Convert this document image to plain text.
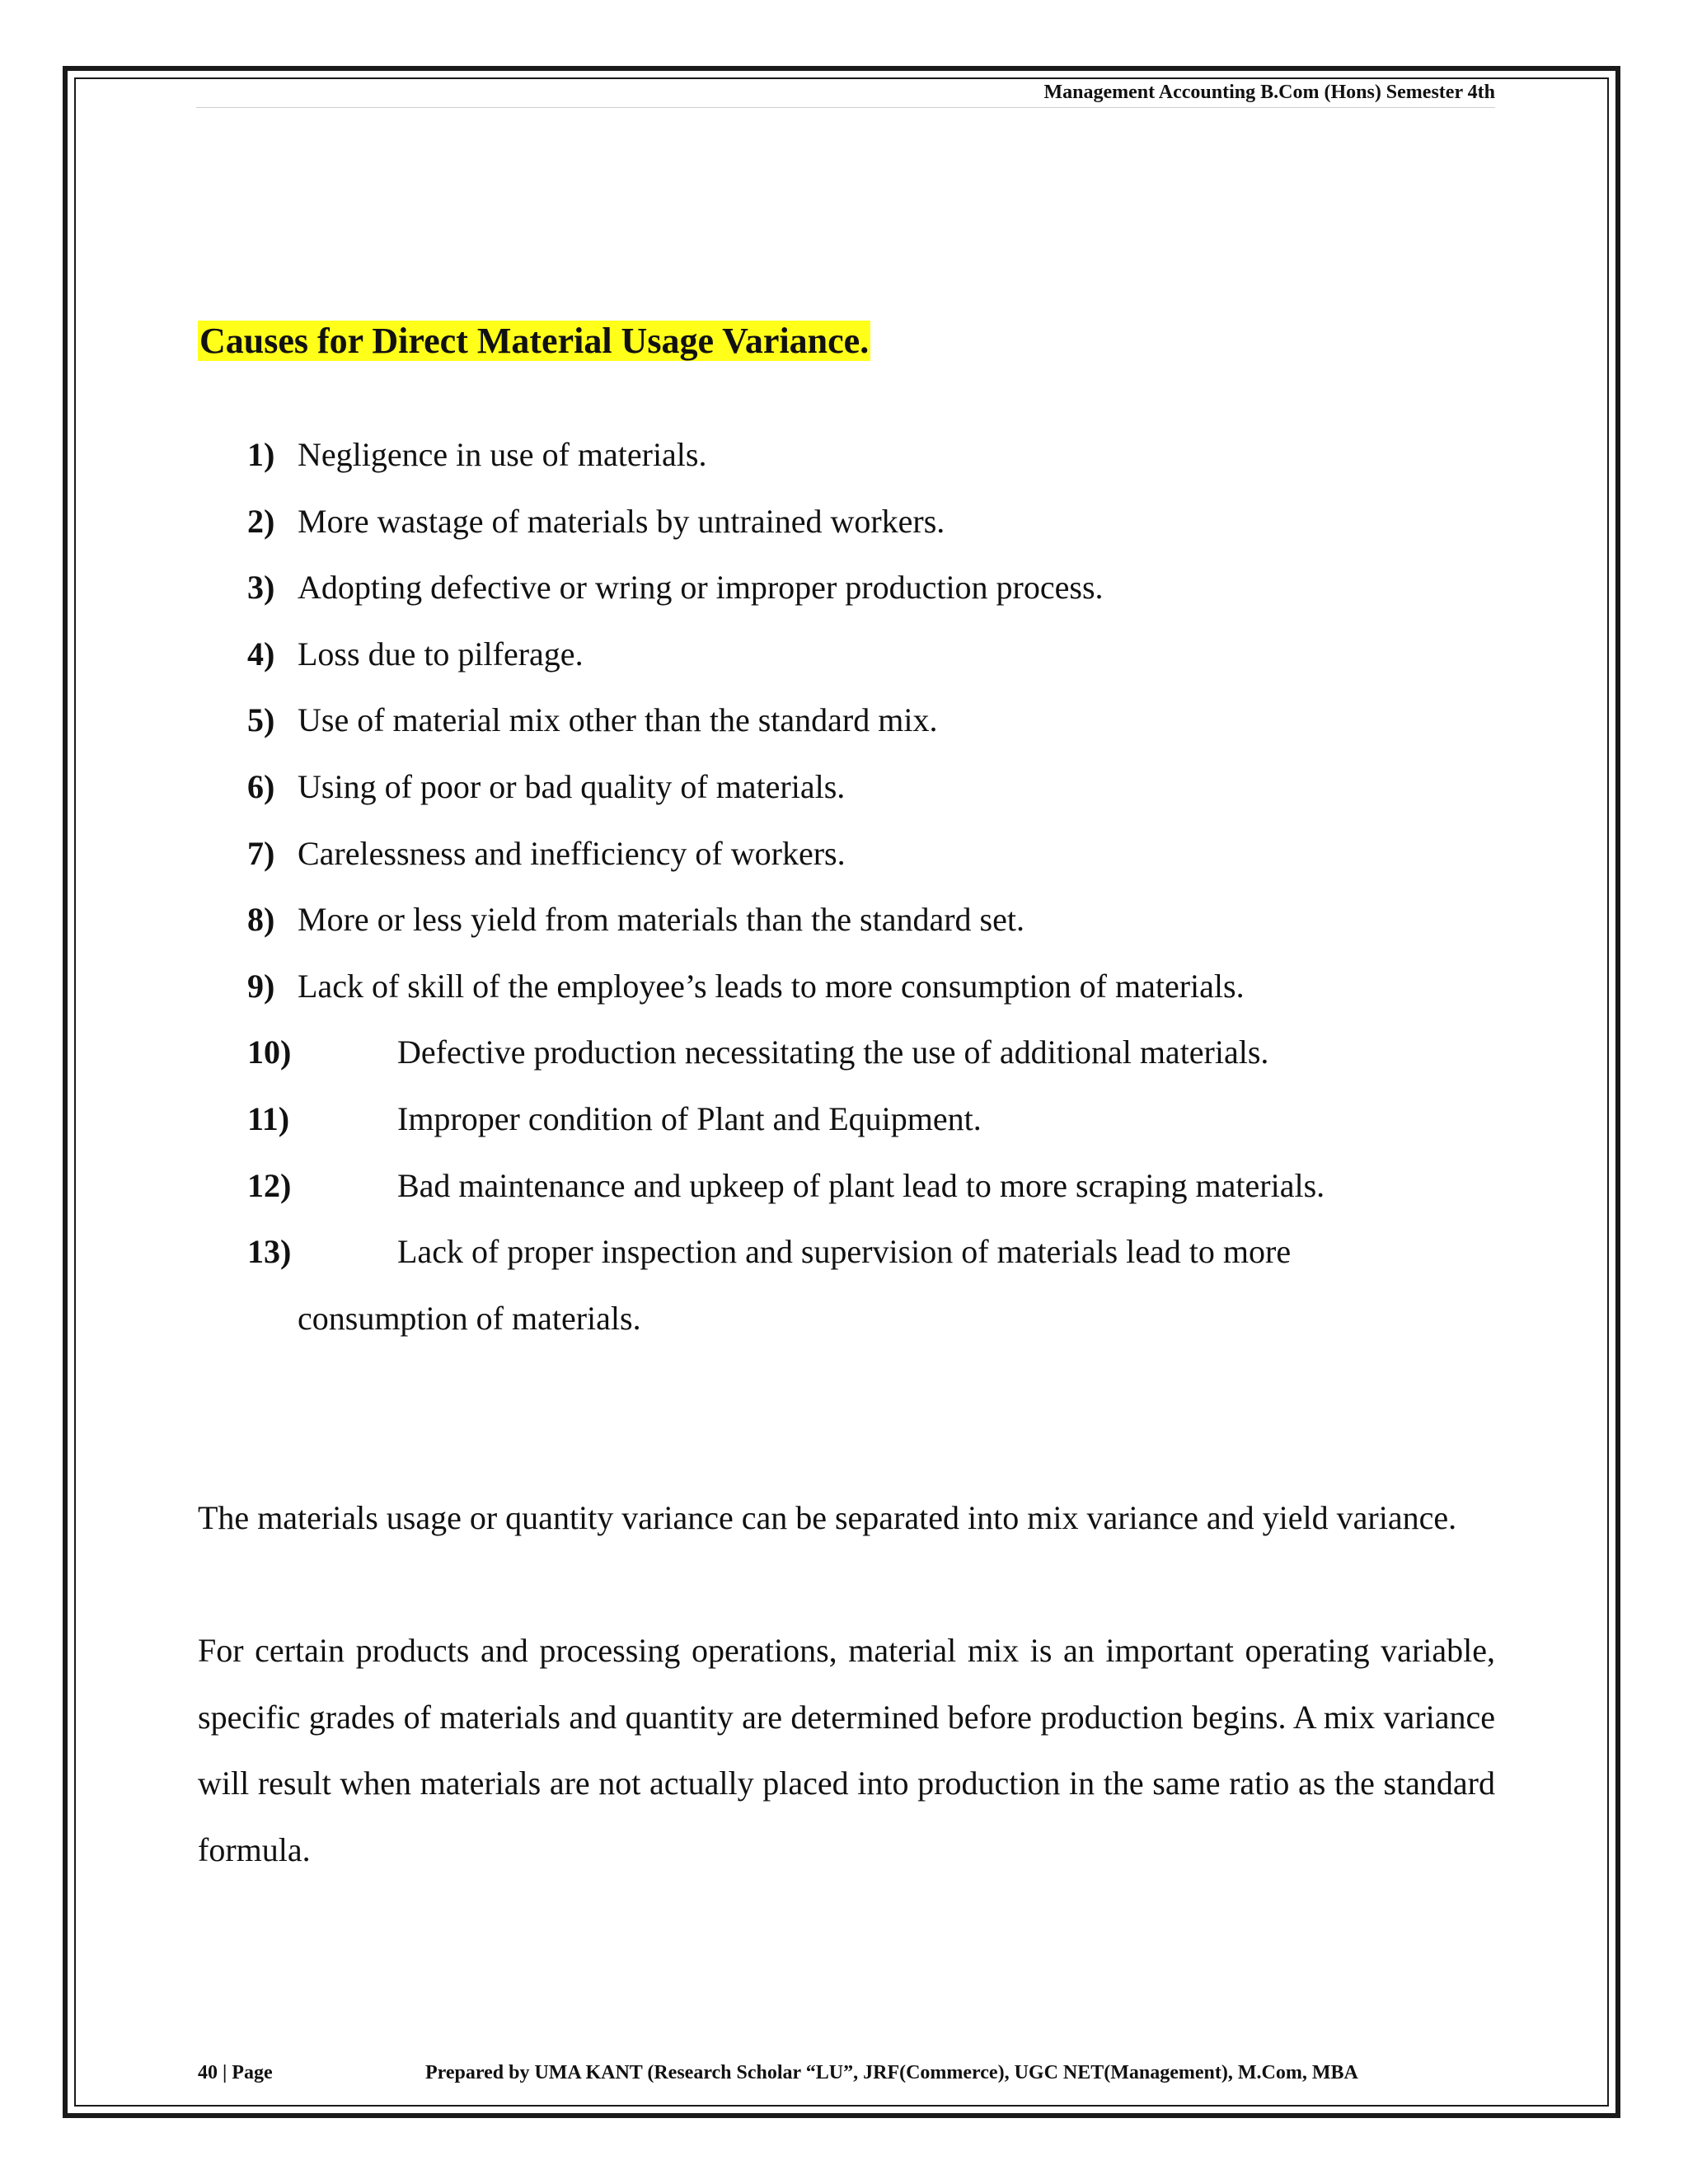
Management Accounting B.Com (Hons) Semester 4th
Causes for Direct Material Usage Variance.
1) Negligence in use of materials.
2) More wastage of materials by untrained workers.
3) Adopting defective or wring or improper production process.
4) Loss due to pilferage.
5) Use of material mix other than the standard mix.
6) Using of poor or bad quality of materials.
7) Carelessness and inefficiency of workers.
8) More or less yield from materials than the standard set.
9) Lack of skill of the employee’s leads to more consumption of materials.
10)	Defective production necessitating the use of additional materials.
11)	Improper condition of Plant and Equipment.
12)	Bad maintenance and upkeep of plant lead to more scraping materials.
13)	Lack of proper inspection and supervision of materials lead to more
consumption of materials.

The materials usage or quantity variance can be separated into mix variance and yield variance.

For certain products and processing operations, material mix is an important operating variable, specific grades of materials and quantity are determined before production begins. A mix variance will result when materials are not actually placed into production in the same ratio as the standard formula.

40 | Page	Prepared by UMA KANT (Research Scholar “LU”, JRF(Commerce), UGC NET(Management), M.Com, MBA
